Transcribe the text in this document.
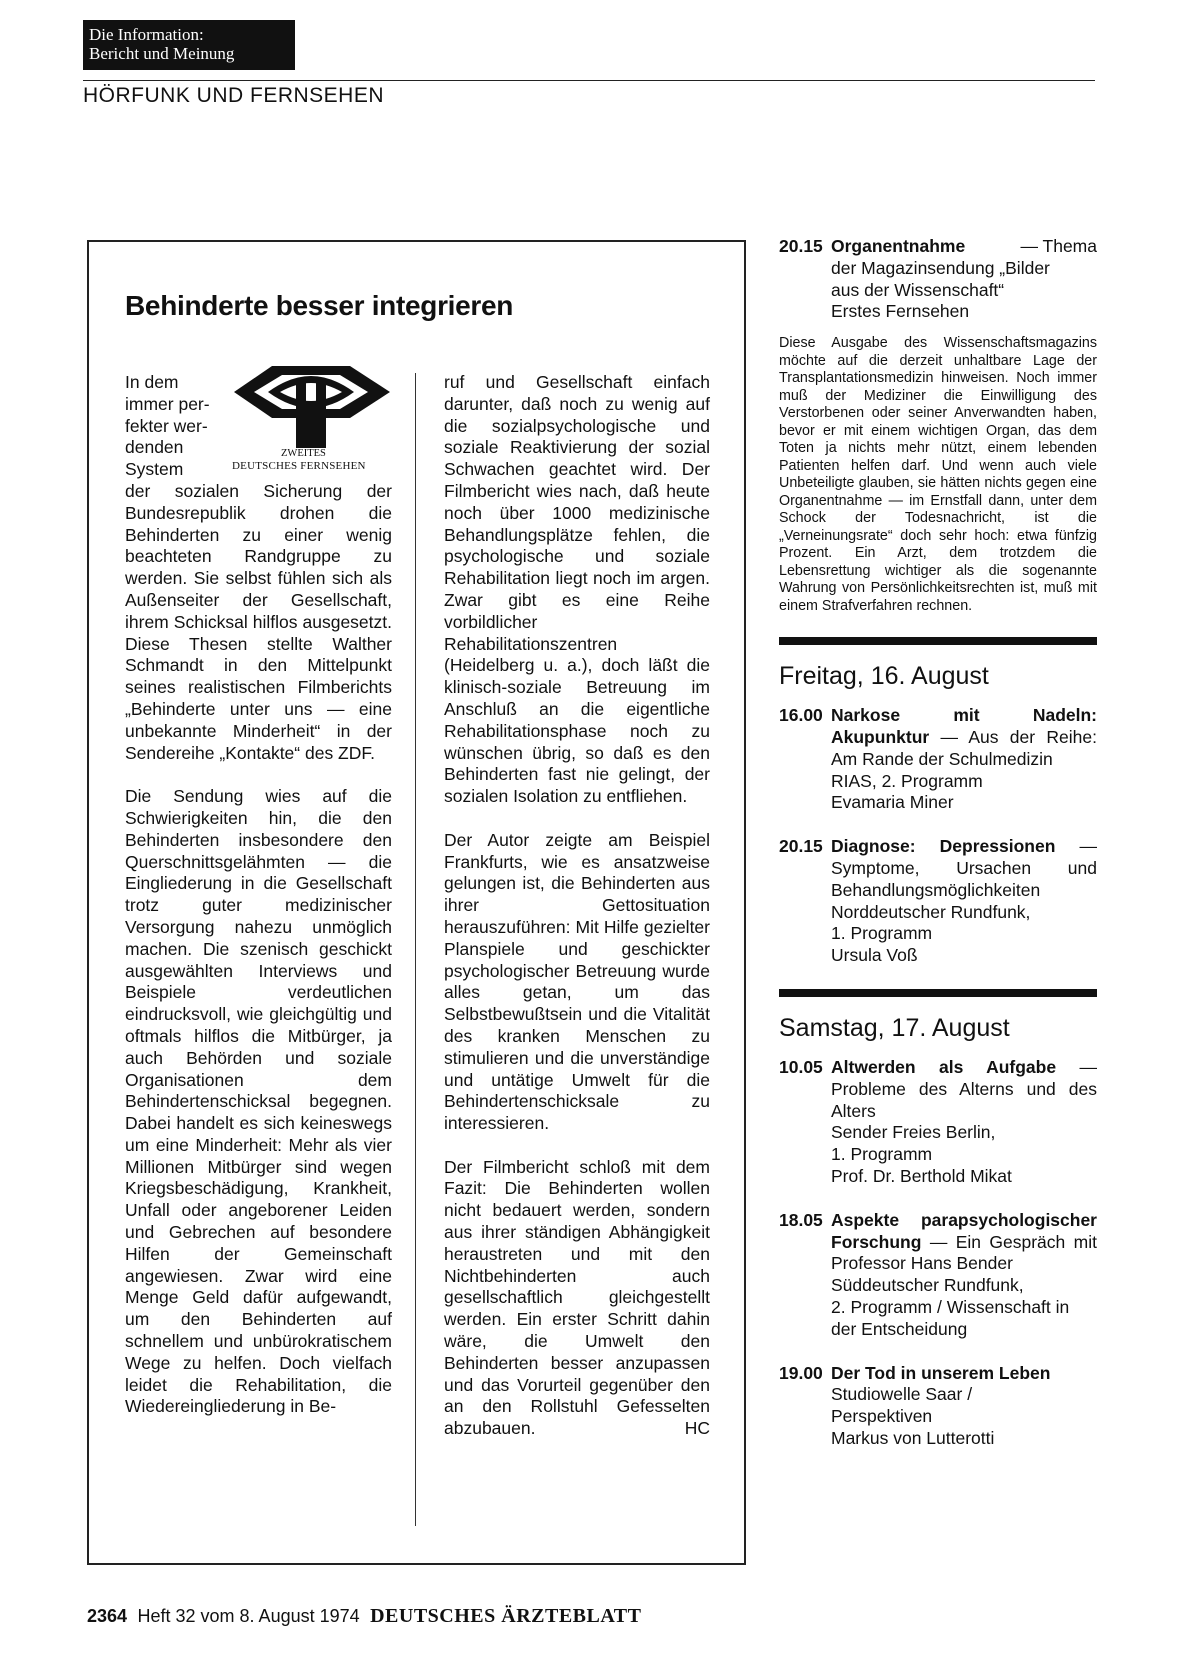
Die Information:
Bericht und Meinung
HÖRFUNK UND FERNSEHEN
Behinderte besser integrieren
ZWEITES
DEUTSCHES FERNSEHEN
In dem
immer per-
fekter wer-
denden
System

der sozialen Sicherung der Bundesrepublik drohen die Behinderten zu einer wenig beachteten Randgruppe zu werden. Sie selbst fühlen sich als Außenseiter der Gesellschaft, ihrem Schicksal hilflos ausgesetzt. Diese Thesen stellte Walther Schmandt in den Mittelpunkt seines realistischen Filmberichts „Behinderte unter uns — eine unbekannte Minderheit“ in der Sendereihe „Kontakte“ des ZDF.

Die Sendung wies auf die Schwierigkeiten hin, die den Behinderten insbesondere den Querschnittsgelähmten — die Eingliederung in die Gesellschaft trotz guter medizinischer Versorgung nahezu unmöglich machen. Die szenisch geschickt ausgewählten Interviews und Beispiele verdeutlichen eindrucksvoll, wie gleichgültig und oftmals hilflos die Mitbürger, ja auch Behörden und soziale Organisationen dem Behindertenschicksal begegnen. Dabei handelt es sich keineswegs um eine Minderheit: Mehr als vier Millionen Mitbürger sind wegen Kriegsbeschädigung, Krankheit, Unfall oder angeborener Leiden und Gebrechen auf besondere Hilfen der Gemeinschaft angewiesen. Zwar wird eine Menge Geld dafür aufgewandt, um den Behinderten auf schnellem und unbürokratischem Wege zu helfen. Doch vielfach leidet die Rehabilitation, die Wiedereingliederung in Be-

ruf und Gesellschaft einfach darunter, daß noch zu wenig auf die sozialpsychologische und soziale Reaktivierung der sozial Schwachen geachtet wird. Der Filmbericht wies nach, daß heute noch über 1000 medizinische Behandlungsplätze fehlen, die psychologische und soziale Rehabilitation liegt noch im argen. Zwar gibt es eine Reihe vorbildlicher Rehabilitationszentren (Heidelberg u. a.), doch läßt die klinisch-soziale Betreuung im Anschluß an die eigentliche Rehabilitationsphase noch zu wünschen übrig, so daß es den Behinderten fast nie gelingt, der sozialen Isolation zu entfliehen.

Der Autor zeigte am Beispiel Frankfurts, wie es ansatzweise gelungen ist, die Behinderten aus ihrer Gettosituation herauszuführen: Mit Hilfe gezielter Planspiele und geschickter psychologischer Betreuung wurde alles getan, um das Selbstbewußtsein und die Vitalität des kranken Menschen zu stimulieren und die unverständige und untätige Umwelt für die Behindertenschicksale zu interessieren.

Der Filmbericht schloß mit dem Fazit: Die Behinderten wollen nicht bedauert werden, sondern aus ihrer ständigen Abhängigkeit heraustreten und mit den Nichtbehinderten auch gesellschaftlich gleichgestellt werden. Ein erster Schritt dahin wäre, die Umwelt den Behinderten besser anzupassen und das Vorurteil gegenüber den an den Rollstuhl Gefesselten abzubauen.	HC

20.15 Organentnahme	— Thema
der Magazinsendung „Bilder
aus der Wissenschaft“
Erstes Fernsehen
Diese Ausgabe des Wissenschaftsmagazins möchte auf die derzeit unhaltbare Lage der Transplantationsmedizin hinweisen. Noch immer muß der Mediziner die Einwilligung des Verstorbenen oder seiner Anverwandten haben, bevor er mit einem wichtigen Organ, das dem Toten ja nichts mehr nützt, einem lebenden Patienten helfen darf. Und wenn auch viele Unbeteiligte glauben, sie hätten nichts gegen eine Organentnahme — im Ernstfall dann, unter dem Schock der Todesnachricht, ist die „Verneinungsrate“ doch sehr hoch: etwa fünfzig Prozent. Ein Arzt, dem trotzdem die Lebensrettung wichtiger als die sogenannte Wahrung von Persönlichkeitsrechten ist, muß mit einem Strafverfahren rechnen.
Freitag, 16. August
16.00 Narkose mit Nadeln: Akupunktur — Aus der Reihe: Am Rande der Schulmedizin
RIAS, 2. Programm
Evamaria Miner
20.15 Diagnose: Depressionen — Symptome, Ursachen und Behandlungsmöglichkeiten
Norddeutscher Rundfunk,
1. Programm
Ursula Voß
Samstag, 17. August
10.05 Altwerden als Aufgabe — Probleme des Alterns und des Alters
Sender Freies Berlin,
1. Programm
Prof. Dr. Berthold Mikat
18.05 Aspekte parapsychologischer Forschung — Ein Gespräch mit Professor Hans Bender
Süddeutscher Rundfunk,
2. Programm / Wissenschaft in der Entscheidung
19.00 Der Tod in unserem Leben
Studiowelle Saar /
Perspektiven
Markus von Lutterotti
2364 Heft 32 vom 8. August 1974 DEUTSCHES ÄRZTEBLATT
